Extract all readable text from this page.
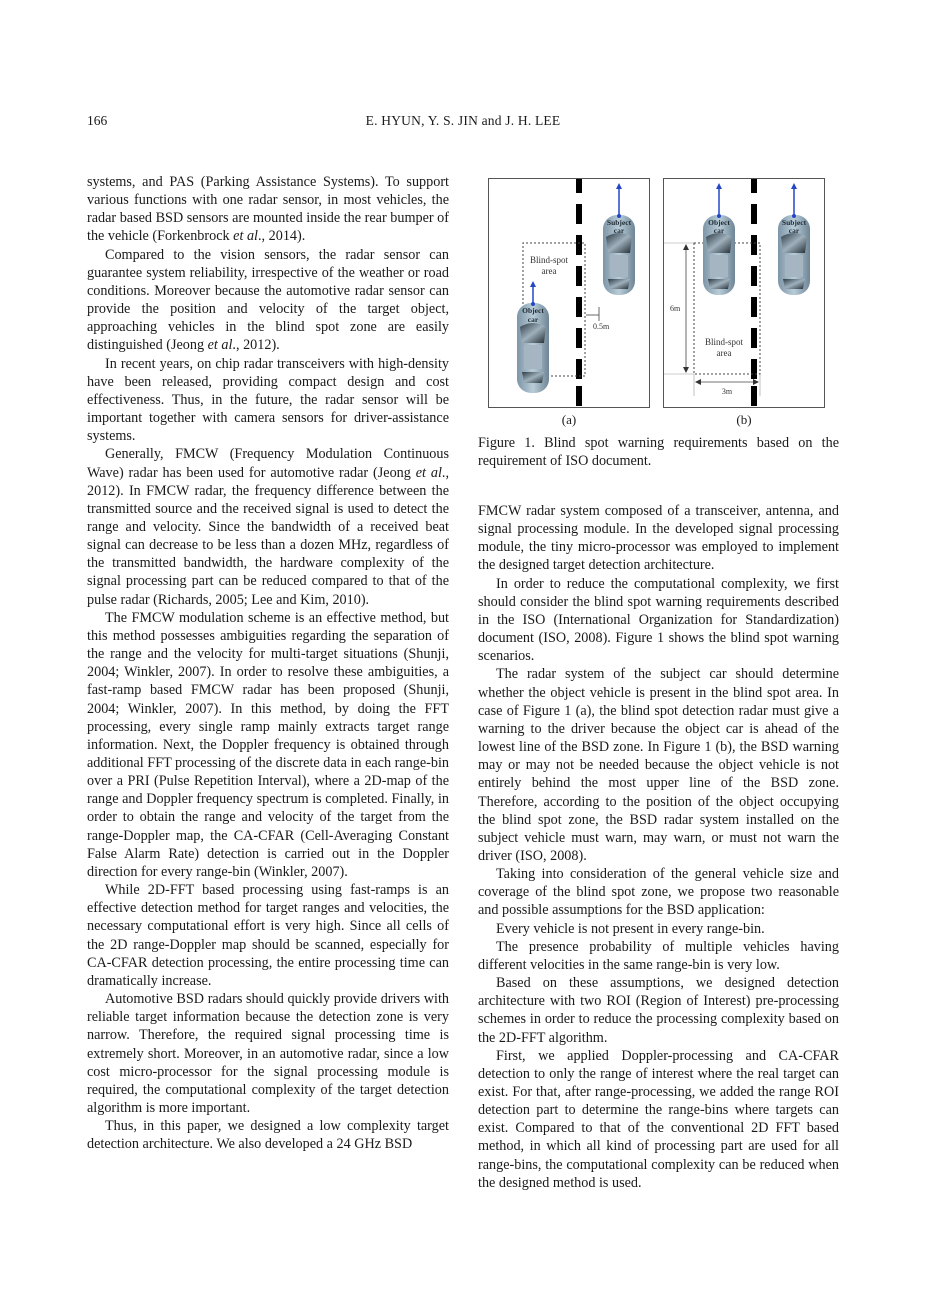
166	E. HYUN, Y. S. JIN and J. H. LEE

systems, and PAS (Parking Assistance Systems). To support various functions with one radar sensor, in most vehicles, the radar based BSD sensors are mounted inside the rear bumper of the vehicle (Forkenbrock et al., 2014).

Compared to the vision sensors, the radar sensor can guarantee system reliability, irrespective of the weather or road conditions. Moreover because the automotive radar sensor can provide the position and velocity of the target object, approaching vehicles in the blind spot zone are easily distinguished (Jeong et al., 2012).

In recent years, on chip radar transceivers with high-density have been released, providing compact design and cost effectiveness. Thus, in the future, the radar sensor will be important together with camera sensors for driver-assistance systems.

Generally, FMCW (Frequency Modulation Continuous Wave) radar has been used for automotive radar (Jeong et al., 2012). In FMCW radar, the frequency difference between the transmitted source and the received signal is used to detect the range and velocity. Since the bandwidth of a received beat signal can decrease to be less than a dozen MHz, regardless of the transmitted bandwidth, the hardware complexity of the signal processing part can be reduced compared to that of the pulse radar (Richards, 2005; Lee and Kim, 2010).

The FMCW modulation scheme is an effective method, but this method possesses ambiguities regarding the separation of the range and the velocity for multi-target situations (Shunji, 2004; Winkler, 2007). In order to resolve these ambiguities, a fast-ramp based FMCW radar has been proposed (Shunji, 2004; Winkler, 2007). In this method, by doing the FFT processing, every single ramp mainly extracts target range information. Next, the Doppler frequency is obtained through additional FFT processing of the discrete data in each range-bin over a PRI (Pulse Repetition Interval), where a 2D-map of the range and Doppler frequency spectrum is completed. Finally, in order to obtain the range and velocity of the target from the range-Doppler map, the CA-CFAR (Cell-Averaging Constant False Alarm Rate) detection is carried out in the Doppler direction for every range-bin (Winkler, 2007).

While 2D-FFT based processing using fast-ramps is an effective detection method for target ranges and velocities, the necessary computational effort is very high. Since all cells of the 2D range-Doppler map should be scanned, especially for CA-CFAR detection processing, the entire processing time can dramatically increase.

Automotive BSD radars should quickly provide drivers with reliable target information because the detection zone is very narrow. Therefore, the required signal processing time is extremely short. Moreover, in an automotive radar, since a low cost micro-processor for the signal processing module is required, the computational complexity of the target detection algorithm is more important.

Thus, in this paper, we designed a low complexity target detection architecture. We also developed a 24 GHz BSD

Blind-spot
area
0.5m
Subject
car
Object
car
(a)
6m
3m
Blind-spot
area
Object
car
Subject
car
(b)
Figure 1. Blind spot warning requirements based on the requirement of ISO document.

FMCW radar system composed of a transceiver, antenna, and signal processing module. In the developed signal processing module, the tiny micro-processor was employed to implement the designed target detection architecture.

In order to reduce the computational complexity, we first should consider the blind spot warning requirements described in the ISO (International Organization for Standardization) document (ISO, 2008). Figure 1 shows the blind spot warning scenarios.

The radar system of the subject car should determine whether the object vehicle is present in the blind spot area. In case of Figure 1 (a), the blind spot detection radar must give a warning to the driver because the object car is ahead of the lowest line of the BSD zone. In Figure 1 (b), the BSD warning may or may not be needed because the object vehicle is not entirely behind the most upper line of the BSD zone. Therefore, according to the position of the object occupying the blind spot zone, the BSD radar system installed on the subject vehicle must warn, may warn, or must not warn the driver (ISO, 2008).

Taking into consideration of the general vehicle size and coverage of the blind spot zone, we propose two reasonable and possible assumptions for the BSD application:

Every vehicle is not present in every range-bin.

The presence probability of multiple vehicles having different velocities in the same range-bin is very low.

Based on these assumptions, we designed detection architecture with two ROI (Region of Interest) pre-processing schemes in order to reduce the processing complexity based on the 2D-FFT algorithm.

First, we applied Doppler-processing and CA-CFAR detection to only the range of interest where the real target can exist. For that, after range-processing, we added the range ROI detection part to determine the range-bins where targets can exist. Compared to that of the conventional 2D FFT based method, in which all kind of processing part are used for all range-bins, the computational complexity can be reduced when the designed method is used.
